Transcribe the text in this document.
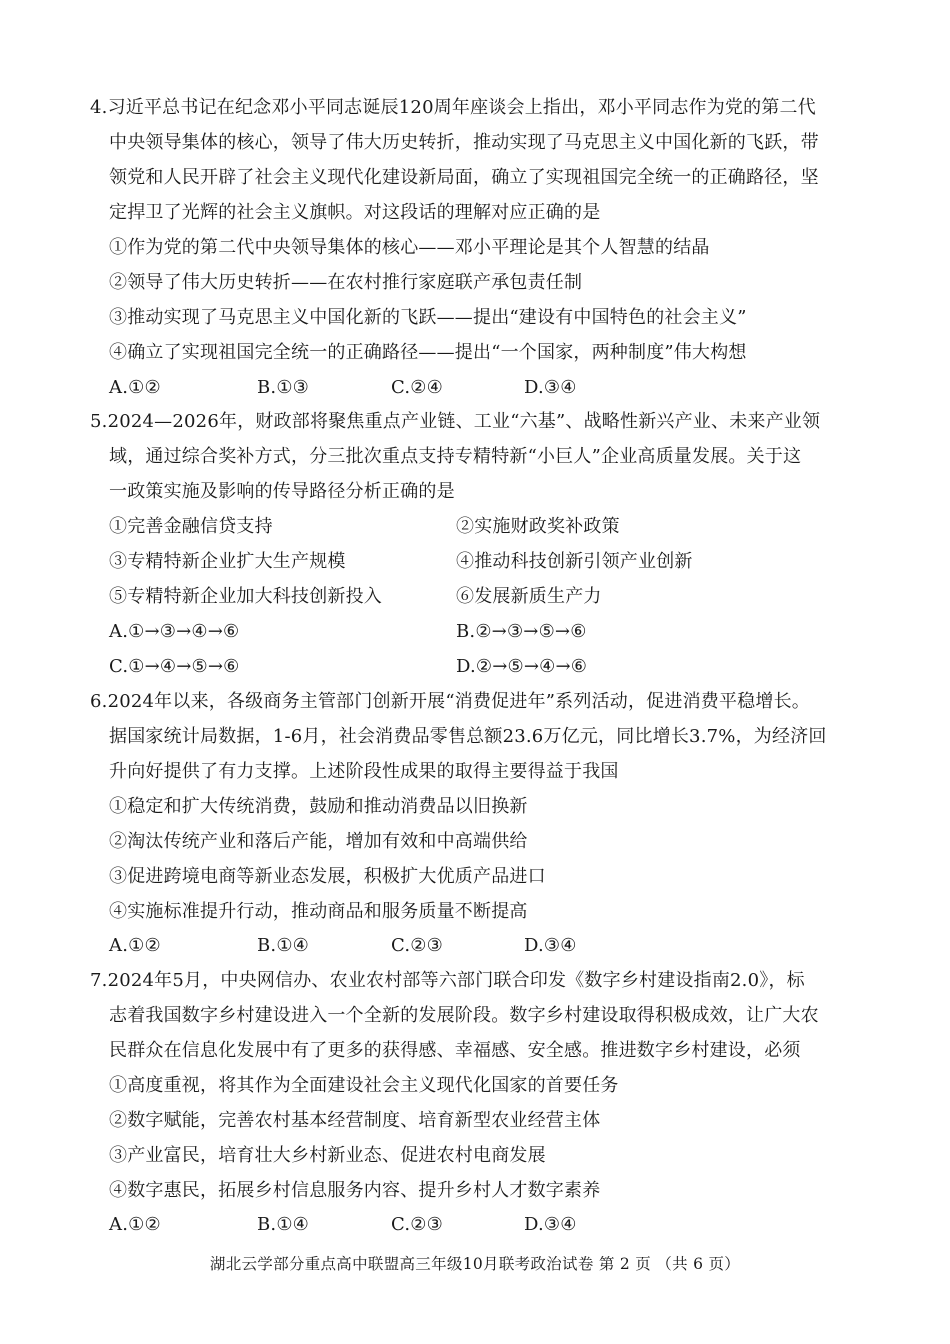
4.习近平总书记在纪念邓小平同志诞辰120周年座谈会上指出，邓小平同志作为党的第二代
中央领导集体的核心，领导了伟大历史转折，推动实现了马克思主义中国化新的飞跃，带
领党和人民开辟了社会主义现代化建设新局面，确立了实现祖国完全统一的正确路径，坚
定捍卫了光辉的社会主义旗帜。对这段话的理解对应正确的是
①作为党的第二代中央领导集体的核心——邓小平理论是其个人智慧的结晶
②领导了伟大历史转折——在农村推行家庭联产承包责任制
③推动实现了马克思主义中国化新的飞跃——提出“建设有中国特色的社会主义”
④确立了实现祖国完全统一的正确路径——提出“一个国家，两种制度”伟大构想
A.①②	B.①③	C.②④	D.③④
5.2024—2026年，财政部将聚焦重点产业链、工业“六基”、战略性新兴产业、未来产业领
域，通过综合奖补方式，分三批次重点支持专精特新“小巨人”企业高质量发展。关于这
一政策实施及影响的传导路径分析正确的是
①完善金融信贷支持	②实施财政奖补政策
③专精特新企业扩大生产规模	④推动科技创新引领产业创新
⑤专精特新企业加大科技创新投入	⑥发展新质生产力
A.①→③→④→⑥	B.②→③→⑤→⑥
C.①→④→⑤→⑥	D.②→⑤→④→⑥
6.2024年以来，各级商务主管部门创新开展“消费促进年”系列活动，促进消费平稳增长。
据国家统计局数据，1-6月，社会消费品零售总额23.6万亿元，同比增长3.7%，为经济回
升向好提供了有力支撑。上述阶段性成果的取得主要得益于我国
①稳定和扩大传统消费，鼓励和推动消费品以旧换新
②淘汰传统产业和落后产能，增加有效和中高端供给
③促进跨境电商等新业态发展，积极扩大优质产品进口
④实施标准提升行动，推动商品和服务质量不断提高
A.①②	B.①④	C.②③	D.③④
7.2024年5月，中央网信办、农业农村部等六部门联合印发《数字乡村建设指南2.0》，标
志着我国数字乡村建设进入一个全新的发展阶段。数字乡村建设取得积极成效，让广大农
民群众在信息化发展中有了更多的获得感、幸福感、安全感。推进数字乡村建设，必须
①高度重视，将其作为全面建设社会主义现代化国家的首要任务
②数字赋能，完善农村基本经营制度、培育新型农业经营主体
③产业富民，培育壮大乡村新业态、促进农村电商发展
④数字惠民，拓展乡村信息服务内容、提升乡村人才数字素养
A.①②	B.①④	C.②③	D.③④
湖北云学部分重点高中联盟高三年级10月联考政治试卷 第 2 页 （共 6 页）
